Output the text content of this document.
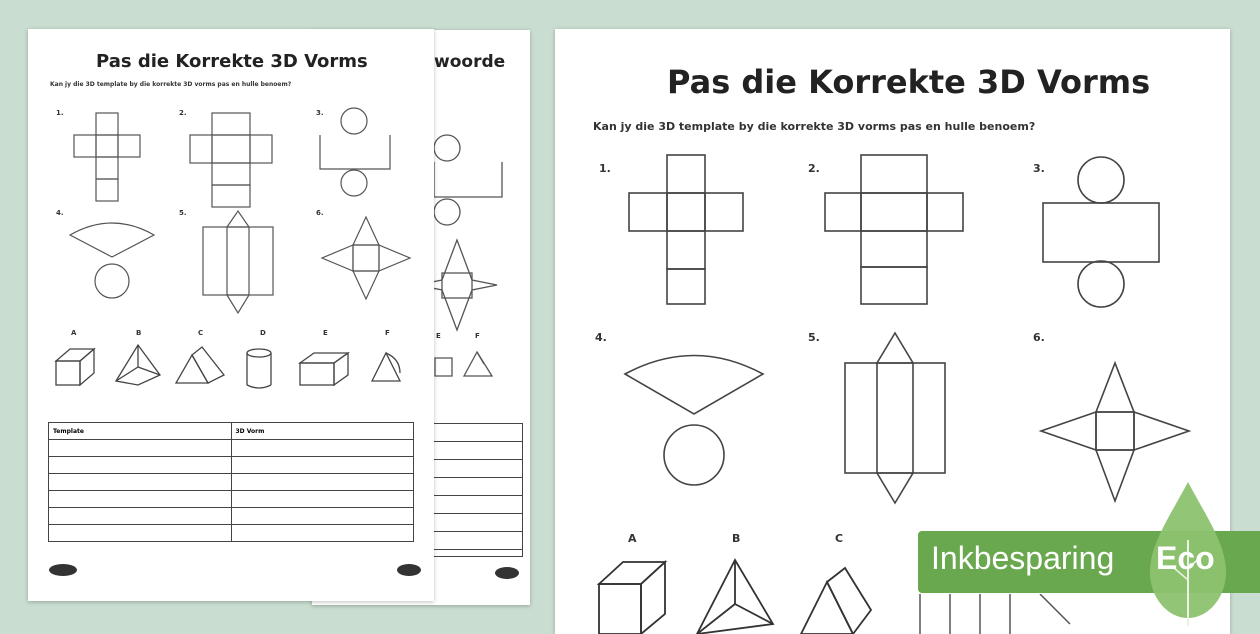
woorde
E	F
Pas die Korrekte 3D Vorms
Kan jy die 3D template by die korrekte 3D vorms pas en hulle benoem?
1.	2.	3.
4.	5.	6.
A	B	C	D	E	F
Template	3D Vorm

Pas die Korrekte 3D Vorms
Kan jy die 3D template by die korrekte 3D vorms pas en hulle benoem?
1.	2.	3.
4.	5.	6.
A	B	C
Inkbesparing Eco
